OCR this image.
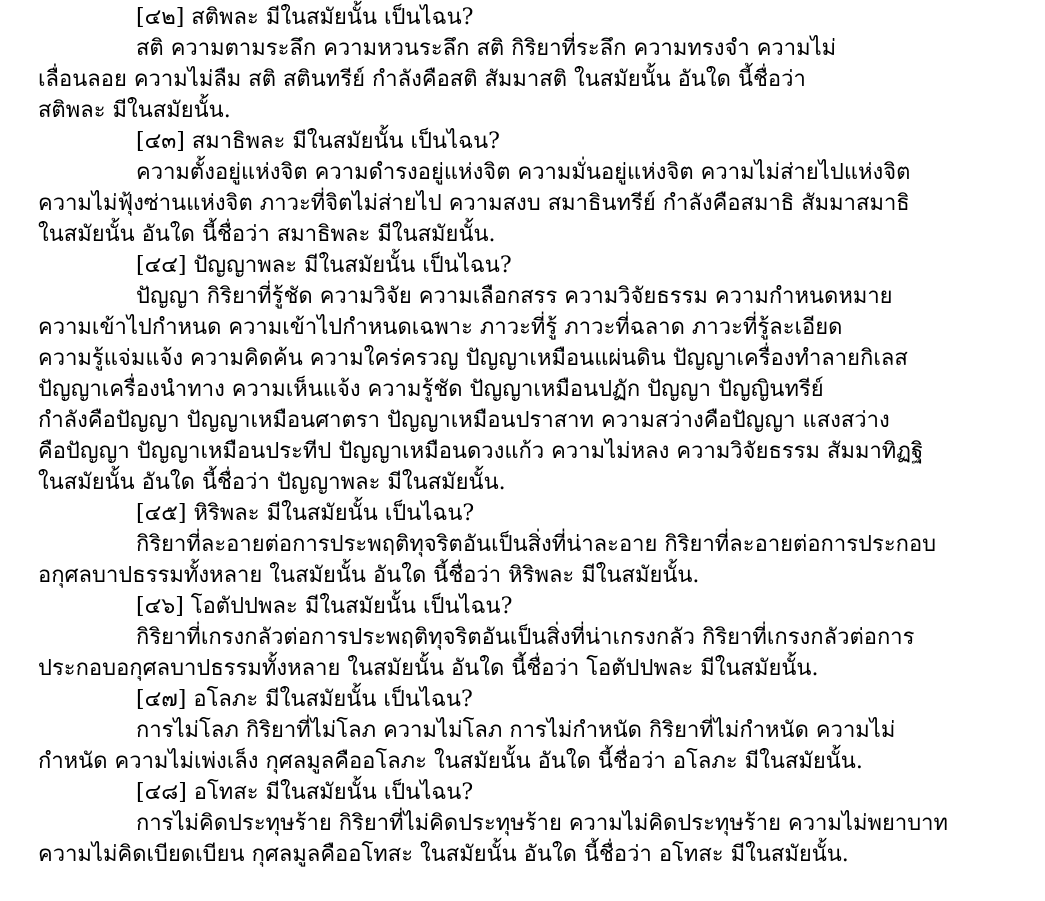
[๔๒] สติพละ มีในสมัยนั้น เป็นไฉน?
สติ ความตามระลึก ความหวนระลึก สติ กิริยาที่ระลึก ความทรงจำ ความไม่
เลื่อนลอย ความไม่ลืม สติ สตินทรีย์ กำลังคือสติ สัมมาสติ ในสมัยนั้น อันใด นี้ชื่อว่า
สติพละ มีในสมัยนั้น.
[๔๓] สมาธิพละ มีในสมัยนั้น เป็นไฉน?
ความตั้งอยู่แห่งจิต ความดำรงอยู่แห่งจิต ความมั่นอยู่แห่งจิต ความไม่ส่ายไปแห่งจิต
ความไม่ฟุ้งซ่านแห่งจิต ภาวะที่จิตไม่ส่ายไป ความสงบ สมาธินทรีย์ กำลังคือสมาธิ สัมมาสมาธิ
ในสมัยนั้น อันใด นี้ชื่อว่า สมาธิพละ มีในสมัยนั้น.
[๔๔] ปัญญาพละ มีในสมัยนั้น เป็นไฉน?
ปัญญา กิริยาที่รู้ชัด ความวิจัย ความเลือกสรร ความวิจัยธรรม ความกำหนดหมาย
ความเข้าไปกำหนด ความเข้าไปกำหนดเฉพาะ ภาวะที่รู้ ภาวะที่ฉลาด ภาวะที่รู้ละเอียด
ความรู้แจ่มแจ้ง ความคิดค้น ความใคร่ครวญ ปัญญาเหมือนแผ่นดิน ปัญญาเครื่องทำลายกิเลส
ปัญญาเครื่องนำทาง ความเห็นแจ้ง ความรู้ชัด ปัญญาเหมือนปฏัก ปัญญา ปัญญินทรีย์
กำลังคือปัญญา ปัญญาเหมือนศาตรา ปัญญาเหมือนปราสาท ความสว่างคือปัญญา แสงสว่าง
คือปัญญา ปัญญาเหมือนประทีป ปัญญาเหมือนดวงแก้ว ความไม่หลง ความวิจัยธรรม สัมมาทิฏฐิ
ในสมัยนั้น อันใด นี้ชื่อว่า ปัญญาพละ มีในสมัยนั้น.
[๔๕] หิริพละ มีในสมัยนั้น เป็นไฉน?
กิริยาที่ละอายต่อการประพฤติทุจริตอันเป็นสิ่งที่น่าละอาย กิริยาที่ละอายต่อการประกอบ
อกุศลบาปธรรมทั้งหลาย ในสมัยนั้น อันใด นี้ชื่อว่า หิริพละ มีในสมัยนั้น.
[๔๖] โอตัปปพละ มีในสมัยนั้น เป็นไฉน?
กิริยาที่เกรงกลัวต่อการประพฤติทุจริตอันเป็นสิ่งที่น่าเกรงกลัว กิริยาที่เกรงกลัวต่อการ
ประกอบอกุศลบาปธรรมทั้งหลาย ในสมัยนั้น อันใด นี้ชื่อว่า โอตัปปพละ มีในสมัยนั้น.
[๔๗] อโลภะ มีในสมัยนั้น เป็นไฉน?
การไม่โลภ กิริยาที่ไม่โลภ ความไม่โลภ การไม่กำหนัด กิริยาที่ไม่กำหนัด ความไม่
กำหนัด ความไม่เพ่งเล็ง กุศลมูลคืออโลภะ ในสมัยนั้น อันใด นี้ชื่อว่า อโลภะ มีในสมัยนั้น.
[๔๘] อโทสะ มีในสมัยนั้น เป็นไฉน?
การไม่คิดประทุษร้าย กิริยาที่ไม่คิดประทุษร้าย ความไม่คิดประทุษร้าย ความไม่พยาบาท
ความไม่คิดเบียดเบียน กุศลมูลคืออโทสะ ในสมัยนั้น อันใด นี้ชื่อว่า อโทสะ มีในสมัยนั้น.
